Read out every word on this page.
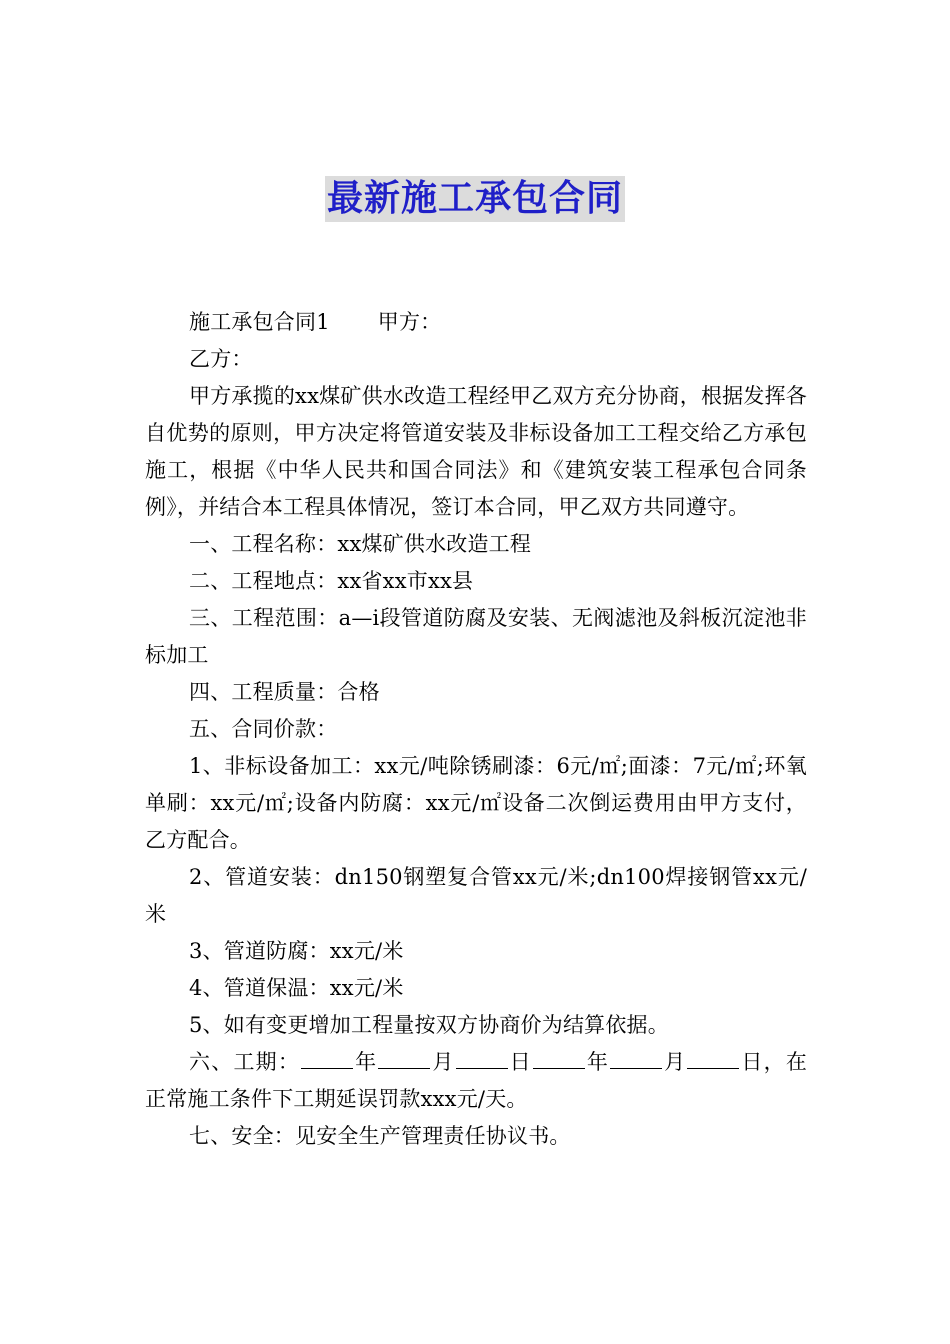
最新施工承包合同

施工承包合同1 甲方：

乙方：

甲方承揽的xx煤矿供水改造工程经甲乙双方充分协商，根据发挥各自优势的原则，甲方决定将管道安装及非标设备加工工程交给乙方承包施工，根据《中华人民共和国合同法》和《建筑安装工程承包合同条例》，并结合本工程具体情况，签订本合同，甲乙双方共同遵守。

一、工程名称：xx煤矿供水改造工程

二、工程地点：xx省xx市xx县

三、工程范围：a—i段管道防腐及安装、无阀滤池及斜板沉淀池非标加工

四、工程质量：合格

五、合同价款：

1、非标设备加工：xx元/吨除锈刷漆：6元/㎡;面漆：7元/㎡;环氧单刷：xx元/㎡;设备内防腐：xx元/㎡设备二次倒运费用由甲方支付，乙方配合。

2、管道安装：dn150钢塑复合管xx元/米;dn100焊接钢管xx元/米

3、管道防腐：xx元/米

4、管道保温：xx元/米

5、如有变更增加工程量按双方协商价为结算依据。

六、工期：	年	月	日	年	月	日，在正常施工条件下工期延误罚款xxx元/天。

七、安全：见安全生产管理责任协议书。
